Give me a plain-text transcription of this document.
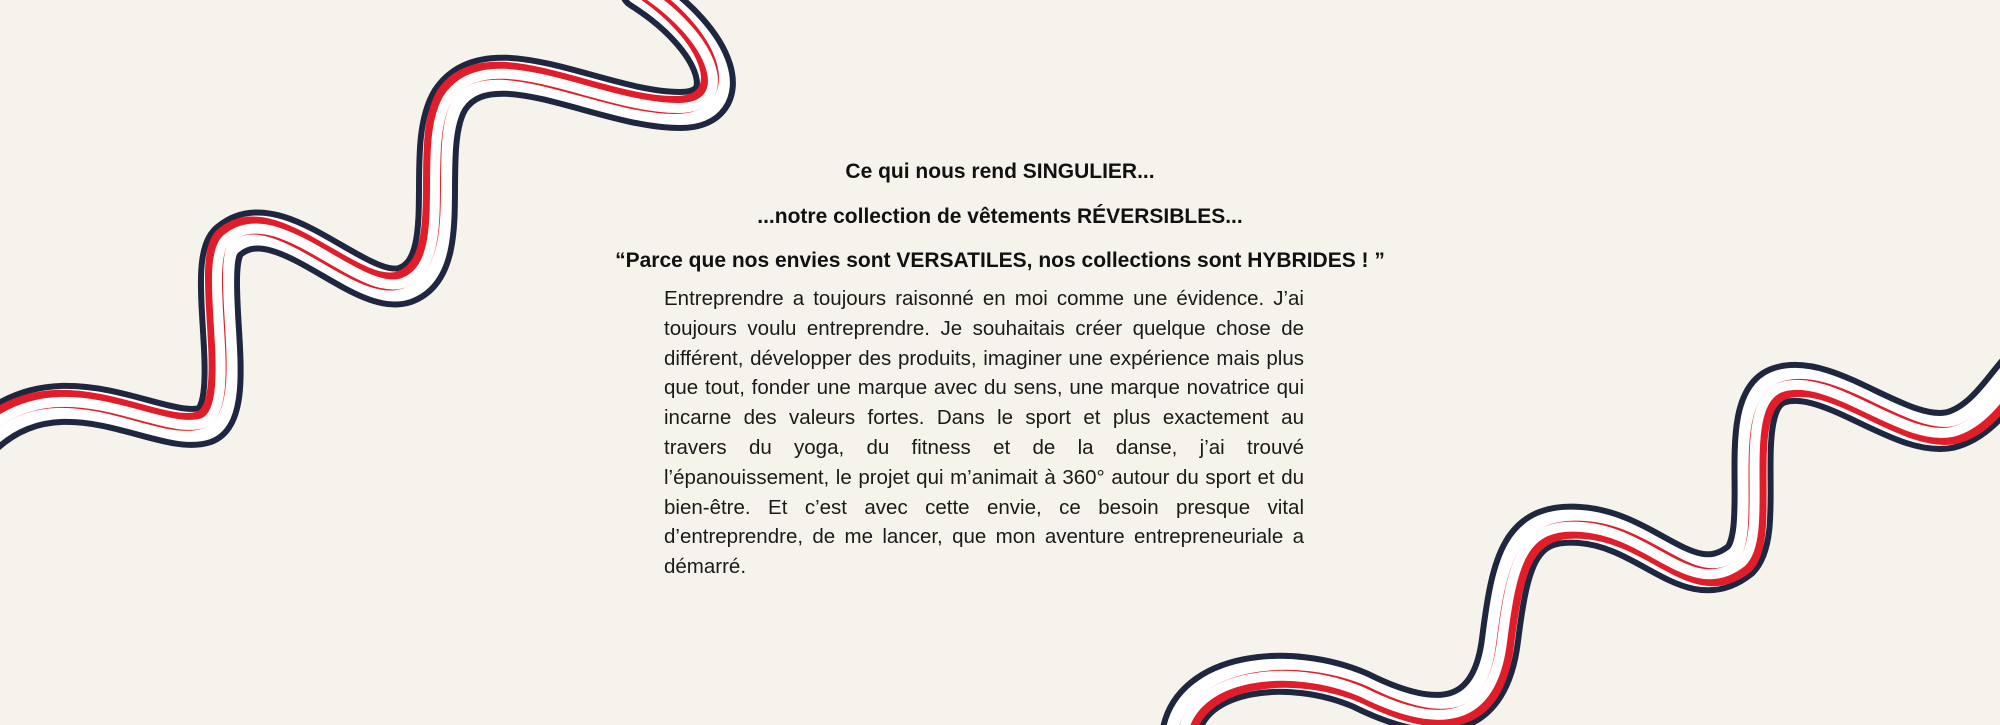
Ce qui nous rend SINGULIER...

...notre collection de vêtements RÉVERSIBLES...

“Parce que nos envies sont VERSATILES, nos collections sont HYBRIDES ! ”

Entreprendre a toujours raisonné en moi comme une évidence. J’ai toujours voulu entreprendre. Je souhaitais créer quelque chose de différent, développer des produits, imaginer une expérience mais plus que tout, fonder une marque avec du sens, une marque novatrice qui incarne des valeurs fortes. Dans le sport et plus exactement au travers du yoga, du fitness et de la danse, j’ai trouvé l’épanouissement, le projet qui m’animait à 360° autour du sport et du bien-être. Et c’est avec cette envie, ce besoin presque vital d’entreprendre, de me lancer, que mon aventure entrepreneuriale a démarré.
